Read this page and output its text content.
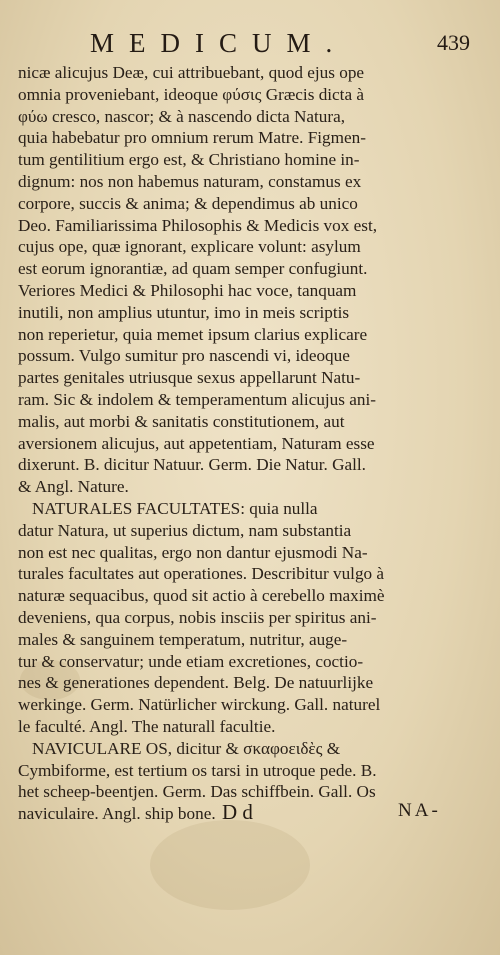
MEDICUM.	439
nicæ alicujus Deæ, cui attribuebant, quod ejus ope
omnia proveniebant, ideoque φύσις Græcis dicta à
φύω cresco, nascor; & à nascendo dicta Natura,
quia habebatur pro omnium rerum Matre. Figmen-
tum gentilitium ergo est, & Christiano homine in-
dignum: nos non habemus naturam, constamus ex
corpore, succis & anima; & dependimus ab unico
Deo. Familiarissima Philosophis & Medicis vox est,
cujus ope, quæ ignorant, explicare volunt: asylum
est eorum ignorantiæ, ad quam semper confugiunt.
Veriores Medici & Philosophi hac voce, tanquam
inutili, non amplius utuntur, imo in meis scriptis
non reperietur, quia memet ipsum clarius explicare
possum. Vulgo sumitur pro nascendi vi, ideoque
partes genitales utriusque sexus appellarunt Natu-
ram. Sic & indolem & temperamentum alicujus ani-
malis, aut morbi & sanitatis constitutionem, aut
aversionem alicujus, aut appetentiam, Naturam esse
dixerunt. B. dicitur Natuur. Germ. Die Natur. Gall.
& Angl. Nature.
NATURALES FACULTATES: quia nulla
datur Natura, ut superius dictum, nam substantia
non est nec qualitas, ergo non dantur ejusmodi Na-
turales facultates aut operationes. Describitur vulgo à
naturæ sequacibus, quod sit actio à cerebello maximè
deveniens, qua corpus, nobis insciis per spiritus ani-
males & sanguinem temperatum, nutritur, auge-
tur & conservatur; unde etiam excretiones, coctio-
nes & generationes dependent. Belg. De natuurlijke
werkinge. Germ. Natürlicher wirckung. Gall. naturel
le faculté. Angl. The naturall facultie.
NAVICULARE OS, dicitur & σκαφοειδὲς &
Cymbiforme, est tertium os tarsi in utroque pede. B.
het scheep-beentjen. Germ. Das schiffbein. Gall. Os
naviculaire. Angl. ship bone. D d	NA-
